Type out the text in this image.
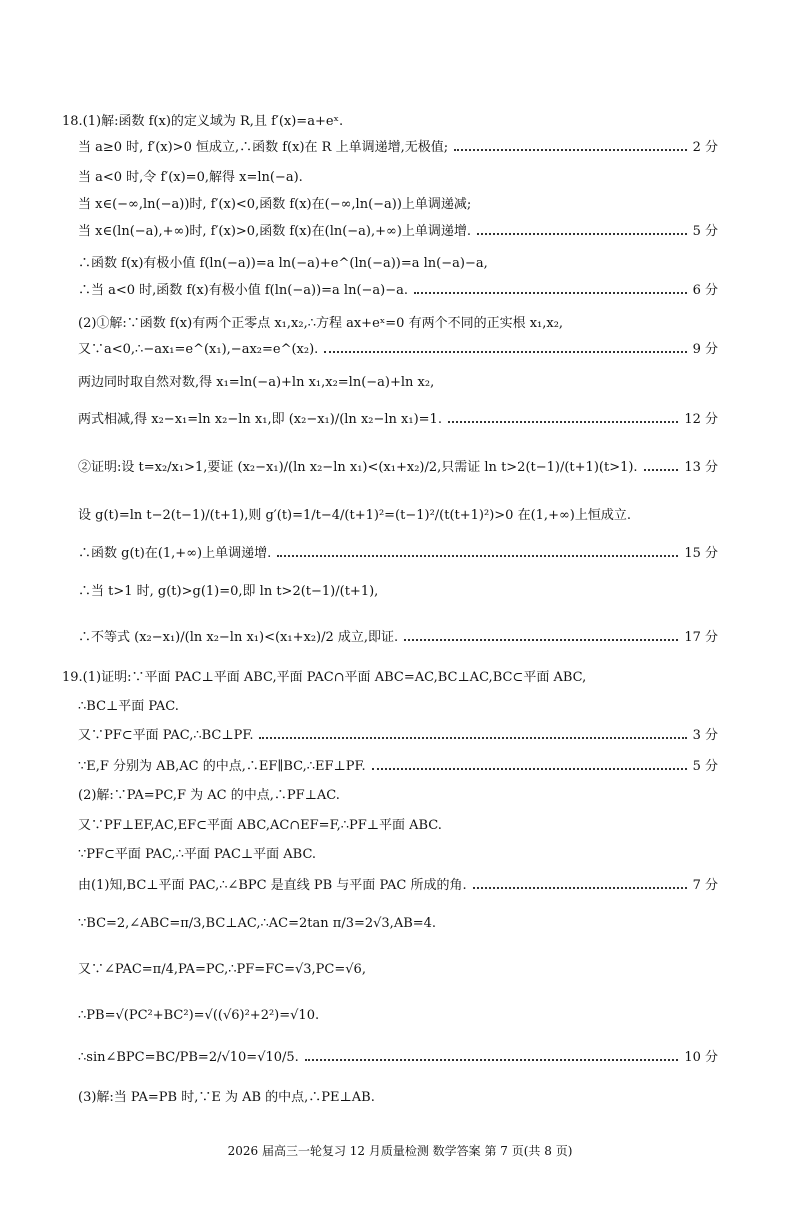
18.(1)解:函数 f(x)的定义域为 R,且 f′(x)=a+eˣ.
当 a≥0 时, f′(x)>0 恒成立,∴函数 f(x)在 R 上单调递增,无极值;	2 分
当 a<0 时,令 f′(x)=0,解得 x=ln(−a).
当 x∈(−∞,ln(−a))时, f′(x)<0,函数 f(x)在(−∞,ln(−a))上单调递减;
当 x∈(ln(−a),+∞)时, f′(x)>0,函数 f(x)在(ln(−a),+∞)上单调递增.	5 分
∴函数 f(x)有极小值 f(ln(−a))=a ln(−a)+e^(ln(−a))=a ln(−a)−a,
∴当 a<0 时,函数 f(x)有极小值 f(ln(−a))=a ln(−a)−a.	6 分
(2)①解:∵函数 f(x)有两个正零点 x₁,x₂,∴方程 ax+eˣ=0 有两个不同的正实根 x₁,x₂,
又∵a<0,∴−ax₁=e^(x₁),−ax₂=e^(x₂).	9 分
两边同时取自然对数,得 x₁=ln(−a)+ln x₁,x₂=ln(−a)+ln x₂,
两式相减,得 x₂−x₁=ln x₂−ln x₁,即 (x₂−x₁)/(ln x₂−ln x₁)=1.	12 分
②证明:设 t=x₂/x₁>1,要证 (x₂−x₁)/(ln x₂−ln x₁)<(x₁+x₂)/2,只需证 ln t>2(t−1)/(t+1)(t>1).	13 分
设 g(t)=ln t−2(t−1)/(t+1),则 g′(t)=1/t−4/(t+1)²=(t−1)²/(t(t+1)²)>0 在(1,+∞)上恒成立.
∴函数 g(t)在(1,+∞)上单调递增.	15 分
∴当 t>1 时, g(t)>g(1)=0,即 ln t>2(t−1)/(t+1),
∴不等式 (x₂−x₁)/(ln x₂−ln x₁)<(x₁+x₂)/2 成立,即证.	17 分
19.(1)证明:∵平面 PAC⊥平面 ABC,平面 PAC∩平面 ABC=AC,BC⊥AC,BC⊂平面 ABC,
∴BC⊥平面 PAC.
又∵PF⊂平面 PAC,∴BC⊥PF.	3 分
∵E,F 分别为 AB,AC 的中点,∴EF∥BC,∴EF⊥PF.	5 分
(2)解:∵PA=PC,F 为 AC 的中点,∴PF⊥AC.
又∵PF⊥EF,AC,EF⊂平面 ABC,AC∩EF=F,∴PF⊥平面 ABC.
∵PF⊂平面 PAC,∴平面 PAC⊥平面 ABC.
由(1)知,BC⊥平面 PAC,∴∠BPC 是直线 PB 与平面 PAC 所成的角.	7 分
∵BC=2,∠ABC=π/3,BC⊥AC,∴AC=2tan π/3=2√3,AB=4.
又∵∠PAC=π/4,PA=PC,∴PF=FC=√3,PC=√6,
∴PB=√(PC²+BC²)=√((√6)²+2²)=√10.
∴sin∠BPC=BC/PB=2/√10=√10/5.	10 分
(3)解:当 PA=PB 时,∵E 为 AB 的中点,∴PE⊥AB.
2026 届高三一轮复习 12 月质量检测 数学答案 第 7 页(共 8 页)
